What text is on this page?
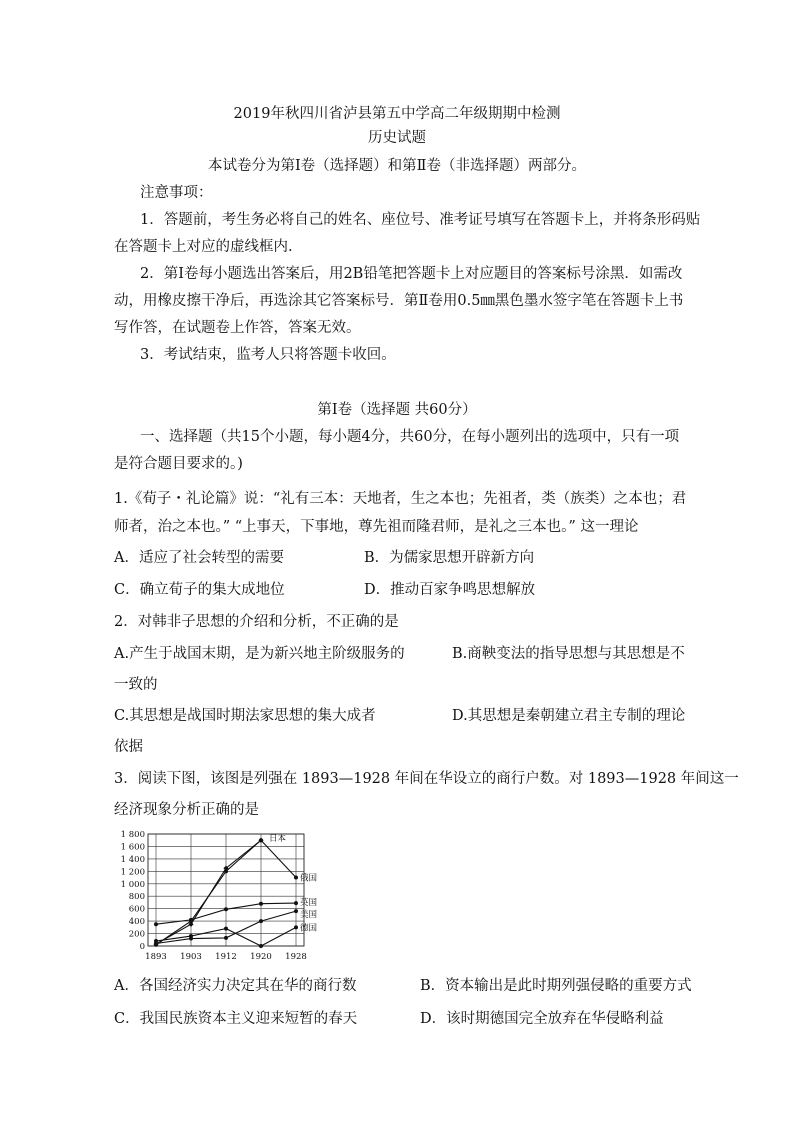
2019年秋四川省泸县第五中学高二年级期期中检测
历史试题
本试卷分为第Ⅰ卷（选择题）和第Ⅱ卷（非选择题）两部分。
注意事项：
1．答题前，考生务必将自己的姓名、座位号、准考证号填写在答题卡上，并将条形码贴
在答题卡上对应的虚线框内.
2．第Ⅰ卷每小题选出答案后，用2B铅笔把答题卡上对应题目的答案标号涂黑．如需改
动，用橡皮擦干净后，再选涂其它答案标号．第Ⅱ卷用0.5㎜黑色墨水签字笔在答题卡上书
写作答，在试题卷上作答，答案无效。
3．考试结束，监考人只将答题卡收回。
第Ⅰ卷（选择题 共60分）
一、选择题（共15个小题，每小题4分，共60分，在每小题列出的选项中，只有一项
是符合题目要求的。)
1.《荀子・礼论篇》说：“礼有三本：天地者，生之本也；先祖者，类（族类）之本也；君
师者，治之本也。” “上事天，下事地，尊先祖而隆君师，是礼之三本也。” 这一理论
A．适应了社会转型的需要	B．为儒家思想开辟新方向
C．确立荀子的集大成地位	D．推动百家争鸣思想解放
2．对韩非子思想的介绍和分析，不正确的是
A.产生于战国末期，是为新兴地主阶级服务的	B.商鞅变法的指导思想与其思想是不
一致的
C.其思想是战国时期法家思想的集大成者	D.其思想是秦朝建立君主专制的理论
依据
3．阅读下图，该图是列强在 1893—1928 年间在华设立的商行户数。对 1893—1928 年间这一
经济现象分析正确的是
1 800
1 600
1 400
1 200
1 000
800
600
400
200
0
1893 1903 1912 1920 1928
日本
俄国
英国
美国
德国
A．各国经济实力决定其在华的商行数	B．资本输出是此时期列强侵略的重要方式
C．我国民族资本主义迎来短暂的春天	D．该时期德国完全放弃在华侵略利益
